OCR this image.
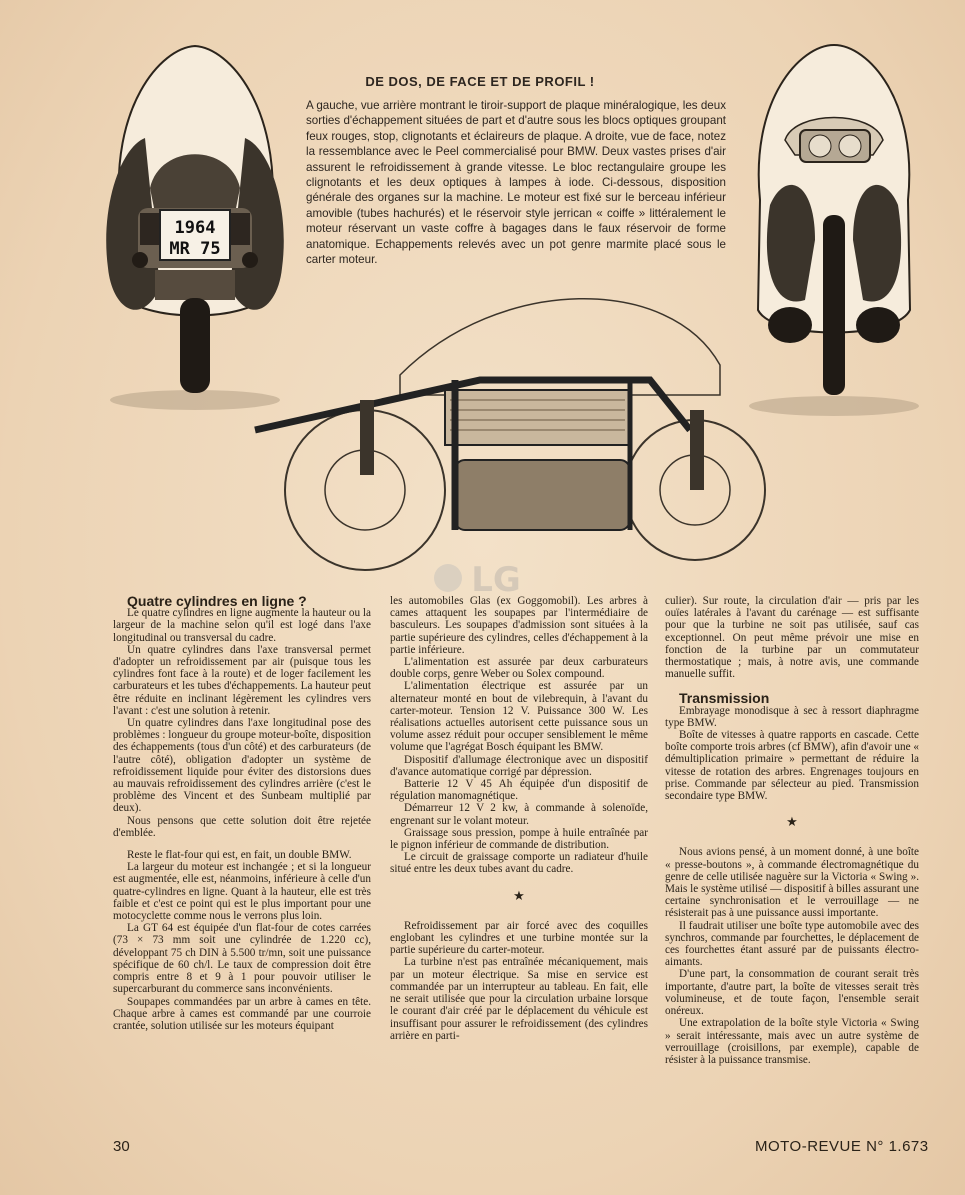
1964
MR 75
LG
DE DOS, DE FACE ET DE PROFIL !
A gauche, vue arrière montrant le tiroir-support de plaque minéralogique, les deux sorties d'échappement situées de part et d'autre sous les blocs optiques groupant feux rouges, stop, clignotants et éclaireurs de plaque. A droite, vue de face, notez la ressemblance avec le Peel commercialisé pour BMW. Deux vastes prises d'air assurent le refroidissement à grande vitesse. Le bloc rectangulaire groupe les clignotants et les deux optiques à lampes à iode. Ci-dessous, disposition générale des organes sur la machine. Le moteur est fixé sur le berceau inférieur amovible (tubes hachurés) et le réservoir style jerrican « coiffe » littéralement le moteur réservant un vaste coffre à bagages dans le faux réservoir de forme anatomique. Echappements relevés avec un pot genre marmite placé sous le carter moteur.

Quatre cylindres en ligne ?

Le quatre cylindres en ligne augmente la hauteur ou la largeur de la machine selon qu'il est logé dans l'axe longitudinal ou transversal du cadre.

Un quatre cylindres dans l'axe transversal permet d'adopter un refroidissement par air (puisque tous les cylindres font face à la route) et de loger facilement les carburateurs et les tubes d'échappements. La hauteur peut être réduite en inclinant légèrement les cylindres vers l'avant : c'est une solution à retenir.

Un quatre cylindres dans l'axe longitudinal pose des problèmes : longueur du groupe moteur-boîte, disposition des échappements (tous d'un côté) et des carburateurs (de l'autre côté), obligation d'adopter un système de refroidissement liquide pour éviter des distorsions dues au mauvais refroidissement des cylindres arrière (c'est le problème des Vincent et des Sunbeam multiplié par deux).

Nous pensons que cette solution doit être rejetée d'emblée.

Reste le flat-four qui est, en fait, un double BMW.

La largeur du moteur est inchangée ; et si la longueur est augmentée, elle est, néanmoins, inférieure à celle d'un quatre-cylindres en ligne. Quant à la hauteur, elle est très faible et c'est ce point qui est le plus important pour une motocyclette comme nous le verrons plus loin.

La GT 64 est équipée d'un flat-four de cotes carrées (73 × 73 mm soit une cylindrée de 1.220 cc), développant 75 ch DIN à 5.500 tr/mn, soit une puissance spécifique de 60 ch/l. Le taux de compression doit être compris entre 8 et 9 à 1 pour pouvoir utiliser le supercarburant du commerce sans inconvénients.

Soupapes commandées par un arbre à cames en tête. Chaque arbre à cames est commandé par une courroie crantée, solution utilisée sur les moteurs équipant

les automobiles Glas (ex Goggomobil). Les arbres à cames attaquent les soupapes par l'intermédiaire de basculeurs. Les soupapes d'admission sont situées à la partie supérieure des cylindres, celles d'échappement à la partie inférieure.

L'alimentation est assurée par deux carburateurs double corps, genre Weber ou Solex compound.

L'alimentation électrique est assurée par un alternateur monté en bout de vilebrequin, à l'avant du carter-moteur. Tension 12 V. Puissance 300 W. Les réalisations actuelles autorisent cette puissance sous un volume assez réduit pour occuper sensiblement le même volume que l'agrégat Bosch équipant les BMW.

Dispositif d'allumage électronique avec un dispositif d'avance automatique corrigé par dépression.

Batterie 12 V 45 Ah équipée d'un dispositif de régulation manomagnétique.

Démarreur 12 V 2 kw, à commande à solenoïde, engrenant sur le volant moteur.

Graissage sous pression, pompe à huile entraînée par le pignon inférieur de commande de distribution.

Le circuit de graissage comporte un radiateur d'huile situé entre les deux tubes avant du cadre.

★

Refroidissement par air forcé avec des coquilles englobant les cylindres et une turbine montée sur la partie supérieure du carter-moteur.

La turbine n'est pas entraînée mécaniquement, mais par un moteur électrique. Sa mise en service est commandée par un interrupteur au tableau. En fait, elle ne serait utilisée que pour la circulation urbaine lorsque le courant d'air créé par le déplacement du véhicule est insuffisant pour assurer le refroidissement (des cylindres arrière en parti-

culier). Sur route, la circulation d'air — pris par les ouïes latérales à l'avant du carénage — est suffisante pour que la turbine ne soit pas utilisée, sauf cas exceptionnel. On peut même prévoir une mise en fonction de la turbine par un commutateur thermostatique ; mais, à notre avis, une commande manuelle suffit.

Transmission

Embrayage monodisque à sec à ressort diaphragme type BMW.

Boîte de vitesses à quatre rapports en cascade. Cette boîte comporte trois arbres (cf BMW), afin d'avoir une « démultiplication primaire » permettant de réduire la vitesse de rotation des arbres. Engrenages toujours en prise. Commande par sélecteur au pied. Transmission secondaire type BMW.

★

Nous avions pensé, à un moment donné, à une boîte « presse-boutons », à commande électromagnétique du genre de celle utilisée naguère sur la Victoria « Swing ». Mais le système utilisé — dispositif à billes assurant une certaine synchronisation et le verrouillage — ne résisterait pas à une puissance aussi importante.

Il faudrait utiliser une boîte type automobile avec des synchros, commande par fourchettes, le déplacement de ces fourchettes étant assuré par de puissants électro-aimants.

D'une part, la consommation de courant serait très importante, d'autre part, la boîte de vitesses serait très volumineuse, et de toute façon, l'ensemble serait onéreux.

Une extrapolation de la boîte style Victoria « Swing » serait intéressante, mais avec un autre système de verrouillage (croisillons, par exemple), capable de résister à la puissance transmise.

30	MOTO-REVUE N° 1.673
